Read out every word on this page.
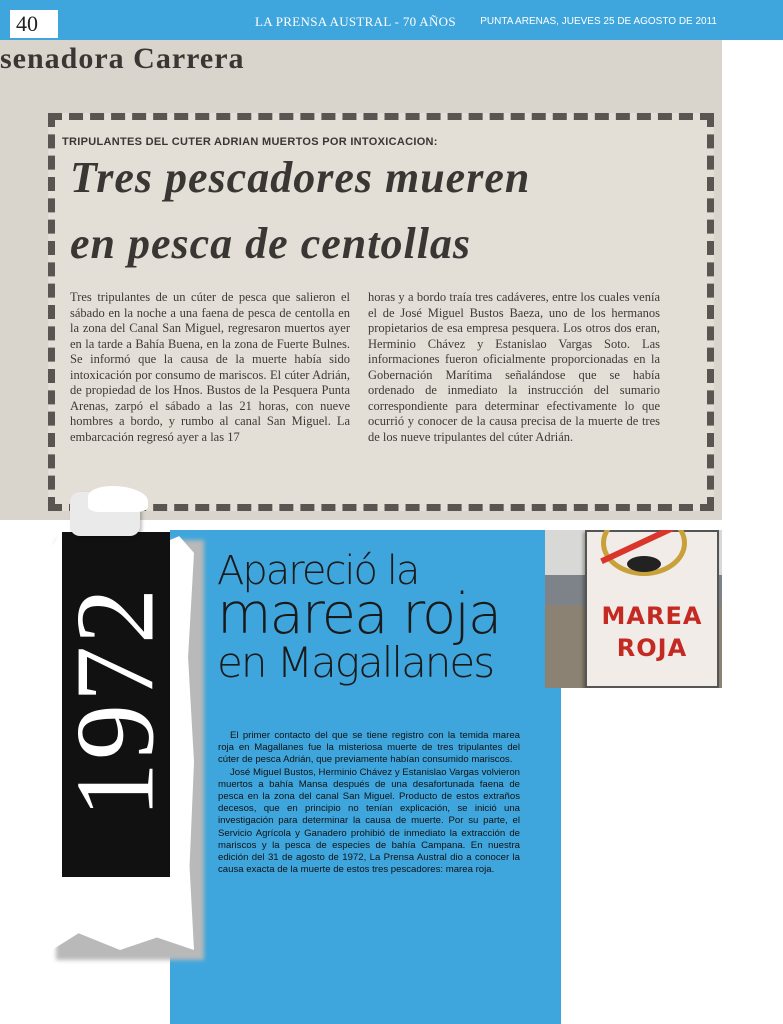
40	LA PRENSA AUSTRAL - 70 AÑOS PUNTA ARENAS, JUEVES 25 DE AGOSTO DE 2011
senadora Carrera
TRIPULANTES DEL CUTER ADRIAN MUERTOS POR INTOXICACION:
Tres pescadores mueren
en pesca de centollas
Tres tripulantes de un cúter de pesca que salieron el sábado en la noche a una faena de pesca de centolla en la zona del Canal San Miguel, regresaron muertos ayer en la tarde a Bahía Buena, en la zona de Fuerte Bulnes. Se informó que la causa de la muerte había sido intoxicación por consumo de mariscos. El cúter Adrián, de propiedad de los Hnos. Bustos de la Pesquera Punta Arenas, zarpó el sábado a las 21 horas, con nueve hombres a bordo, y rumbo al canal San Miguel. La embarcación regresó ayer a las 17
horas y a bordo traía tres cadáveres, entre los cuales venía el de José Miguel Bustos Baeza, uno de los hermanos propietarios de esa empresa pesquera. Los otros dos eran, Herminio Chávez y Estanislao Vargas Soto. Las informaciones fueron oficialmente proporcionadas en la Gobernación Marítima señalándose que se había ordenado de inmediato la instrucción del sumario correspondiente para determinar efectivamente lo que ocurrió y conocer de la causa precisa de la muerte de tres de los nueve tripulantes del cúter Adrián.
Apareció la
marea roja
en Magallanes

El primer contacto del que se tiene registro con la temida marea roja en Magallanes fue la misteriosa muerte de tres tripulantes del cúter de pesca Adrián, que previamente habían consumido mariscos.

José Miguel Bustos, Herminio Chávez y Estanislao Vargas volvieron muertos a bahía Mansa después de una desafortunada faena de pesca en la zona del canal San Miguel. Producto de estos extraños decesos, que en principio no tenían explicación, se inició una investigación para determinar la causa de muerte. Por su parte, el Servicio Agrícola y Ganadero prohibió de inmediato la extracción de mariscos y la pesca de especies de bahía Campana. En nuestra edición del 31 de agosto de 1972, La Prensa Austral dio a conocer la causa exacta de la muerte de estos tres pescadores: marea roja.

1972	MAREA
ROJA
